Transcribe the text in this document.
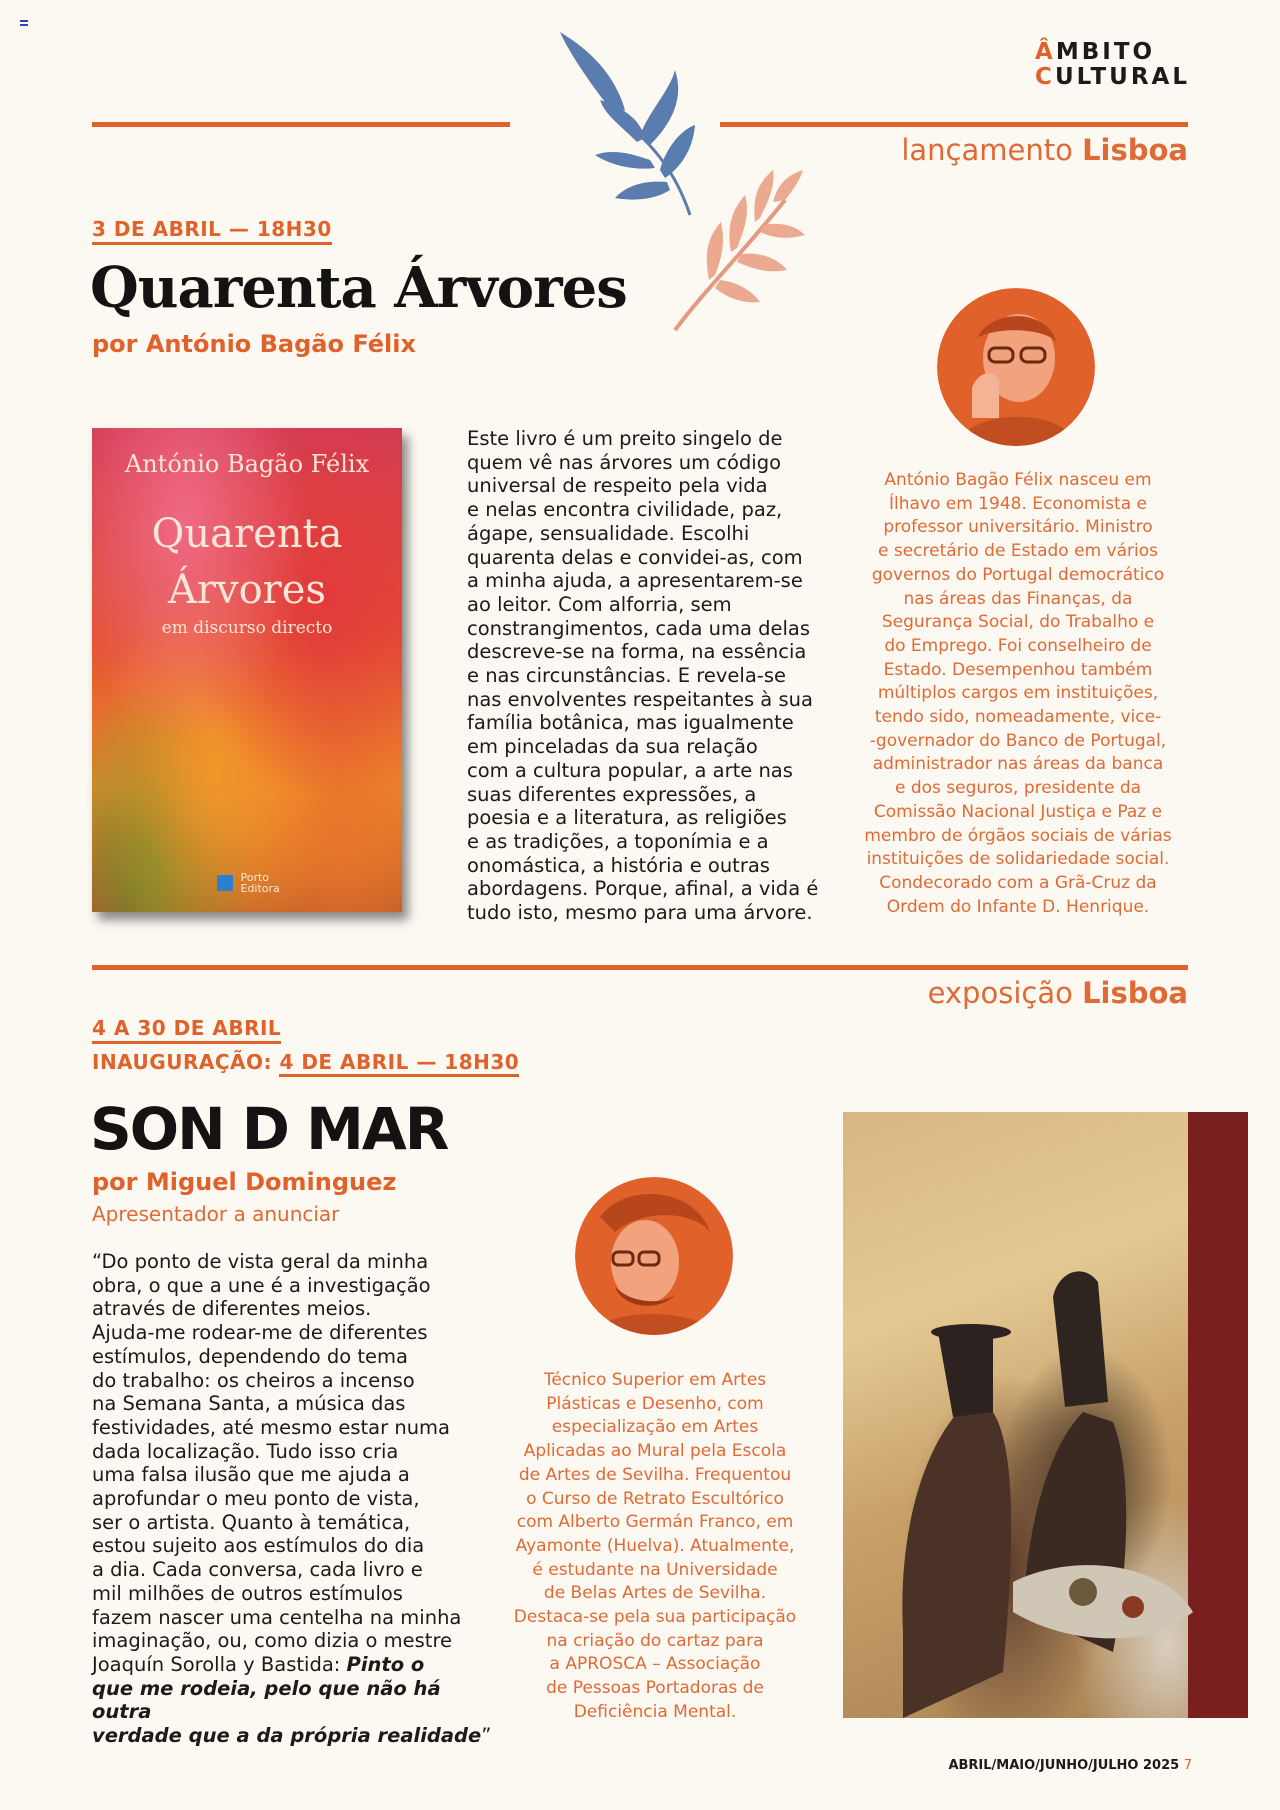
ÂMBITO
CULTURAL
lançamento Lisboa
3 DE ABRIL — 18H30
Quarenta Árvores
por António Bagão Félix
António Bagão Félix
Quarenta
Árvores
em discurso directo
Porto
Editora
Este livro é um preito singelo de
quem vê nas árvores um código
universal de respeito pela vida
e nelas encontra civilidade, paz,
ágape, sensualidade. Escolhi
quarenta delas e convidei-as, com
a minha ajuda, a apresentarem-se
ao leitor. Com alforria, sem
constrangimentos, cada uma delas
descreve-se na forma, na essência
e nas circunstâncias. E revela-se
nas envolventes respeitantes à sua
família botânica, mas igualmente
em pinceladas da sua relação
com a cultura popular, a arte nas
suas diferentes expressões, a
poesia e a literatura, as religiões
e as tradições, a toponímia e a
onomástica, a história e outras
abordagens. Porque, afinal, a vida é
tudo isto, mesmo para uma árvore.
António Bagão Félix nasceu em
Ílhavo em 1948. Economista e
professor universitário. Ministro
e secretário de Estado em vários
governos do Portugal democrático
nas áreas das Finanças, da
Segurança Social, do Trabalho e
do Emprego. Foi conselheiro de
Estado. Desempenhou também
múltiplos cargos em instituições,
tendo sido, nomeadamente, vice-
-governador do Banco de Portugal,
administrador nas áreas da banca
e dos seguros, presidente da
Comissão Nacional Justiça e Paz e
membro de órgãos sociais de várias
instituições de solidariedade social.
Condecorado com a Grã-Cruz da
Ordem do Infante D. Henrique.
exposição Lisboa
4 A 30 DE ABRIL
INAUGURAÇÃO: 4 DE ABRIL — 18H30
SON D MAR
por Miguel Dominguez
Apresentador a anunciar
“Do ponto de vista geral da minha
obra, o que a une é a investigação
através de diferentes meios.
Ajuda-me rodear-me de diferentes
estímulos, dependendo do tema
do trabalho: os cheiros a incenso
na Semana Santa, a música das
festividades, até mesmo estar numa
dada localização. Tudo isso cria
uma falsa ilusão que me ajuda a
aprofundar o meu ponto de vista,
ser o artista. Quanto à temática,
estou sujeito aos estímulos do dia
a dia. Cada conversa, cada livro e
mil milhões de outros estímulos
fazem nascer uma centelha na minha
imaginação, ou, como dizia o mestre
Joaquín Sorolla y Bastida: Pinto o
que me rodeia, pelo que não há outra
verdade que a da própria realidade”
Técnico Superior em Artes
Plásticas e Desenho, com
especialização em Artes
Aplicadas ao Mural pela Escola
de Artes de Sevilha. Frequentou
o Curso de Retrato Escultórico
com Alberto Germán Franco, em
Ayamonte (Huelva). Atualmente,
é estudante na Universidade
de Belas Artes de Sevilha.
Destaca-se pela sua participação
na criação do cartaz para
a APROSCA – Associação
de Pessoas Portadoras de
Deficiência Mental.
ABRIL/MAIO/JUNHO/JULHO 2025 7
